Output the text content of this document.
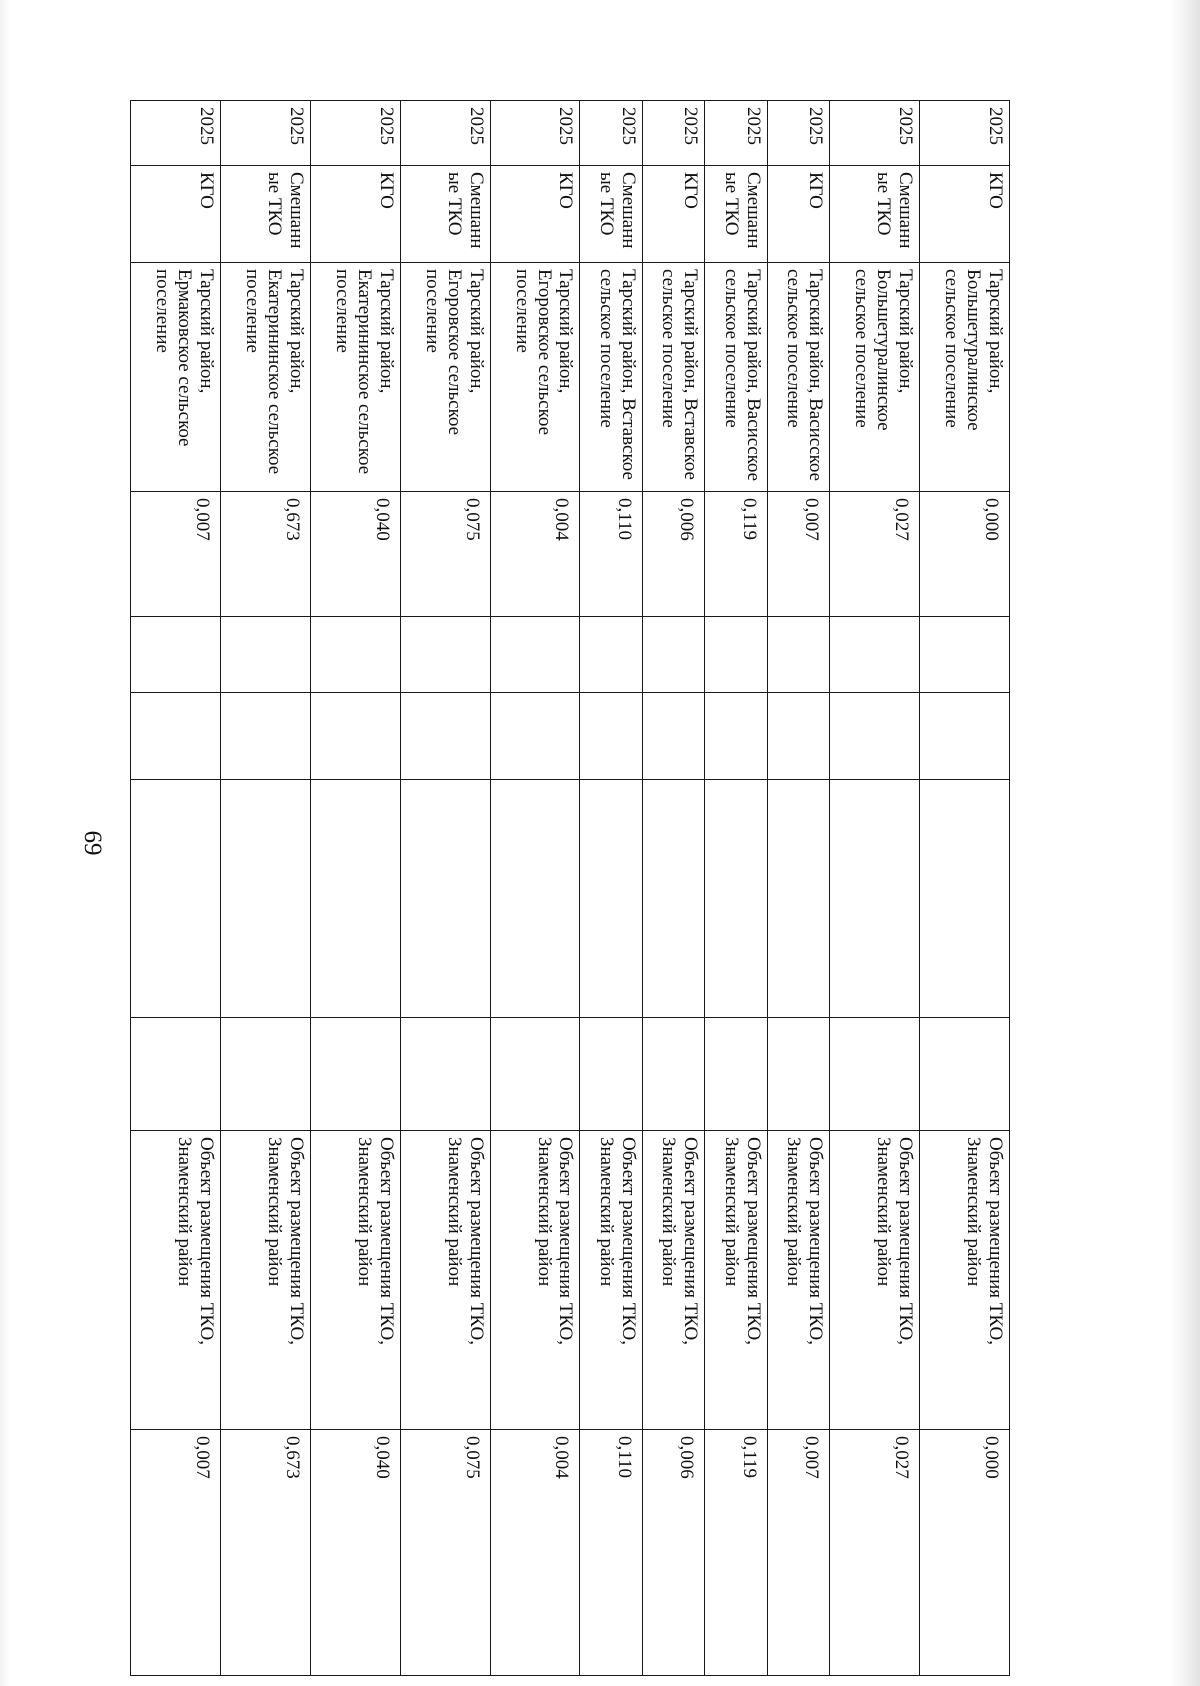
69
2025	КГО	Тарский район, Большетуралинское сельское поселение	0,000					Объект размещения ТКО, Знаменский район	0,000
2025	Смешанные ТКО	Тарский район, Большетуралинское сельское поселение	0,027					Объект размещения ТКО, Знаменский район	0,027
2025	КГО	Тарский район, Васисское сельское поселение	0,007					Объект размещения ТКО, Знаменский район	0,007
2025	Смешанные ТКО	Тарский район, Васисское сельское поселение	0,119					Объект размещения ТКО, Знаменский район	0,119
2025	КГО	Тарский район, Вставское сельское поселение	0,006					Объект размещения ТКО, Знаменский район	0,006
2025	Смешанные ТКО	Тарский район, Вставское сельское поселение	0,110					Объект размещения ТКО, Знаменский район	0,110
2025	КГО	Тарский район, Егоровское сельское поселение	0,004					Объект размещения ТКО, Знаменский район	0,004
2025	Смешанные ТКО	Тарский район, Егоровское сельское поселение	0,075					Объект размещения ТКО, Знаменский район	0,075
2025	КГО	Тарский район, Екатерининское сельское поселение	0,040					Объект размещения ТКО, Знаменский район	0,040
2025	Смешанные ТКО	Тарский район, Екатерининское сельское поселение	0,673					Объект размещения ТКО, Знаменский район	0,673
2025	КГО	Тарский район, Ермаковское сельское поселение	0,007					Объект размещения ТКО, Знаменский район	0,007
